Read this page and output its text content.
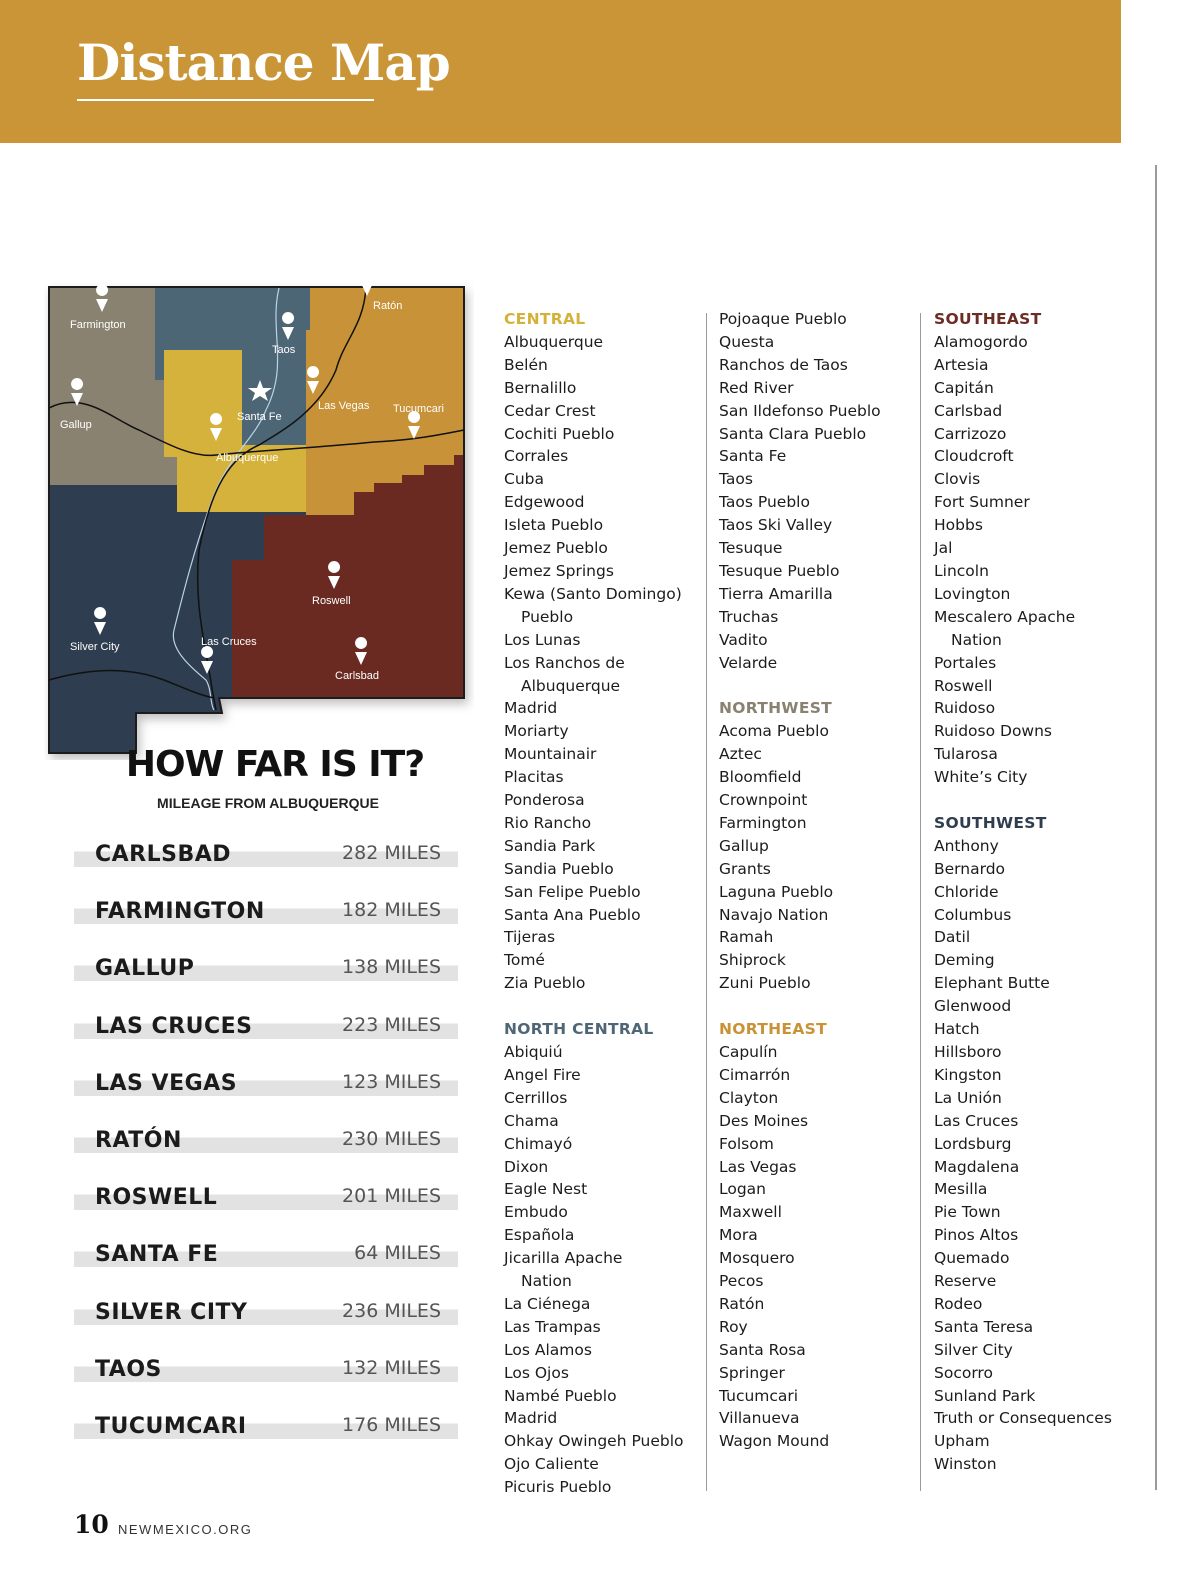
Distance Map
Farmington
Taos
Ratón
Gallup
Santa Fe
Las Vegas Tucumcari
Albuquerque
Roswell
Silver City	Las Cruces
Carlsbad
HOW FAR IS IT?
MILEAGE FROM ALBUQUERQUE
CARLSBAD	282 MILES
FARMINGTON	182 MILES
GALLUP	138 MILES
LAS CRUCES	223 MILES
LAS VEGAS	123 MILES
RATÓN	230 MILES
ROSWELL	201 MILES
SANTA FE	64 MILES
SILVER CITY	236 MILES
TAOS	132 MILES
TUCUMCARI	176 MILES
CENTRAL
Albuquerque
Belén
Bernalillo
Cedar Crest
Cochiti Pueblo
Corrales
Cuba
Edgewood
Isleta Pueblo
Jemez Pueblo
Jemez Springs
Kewa (Santo Domingo)
Pueblo
Los Lunas
Los Ranchos de
Albuquerque
Madrid
Moriarty
Mountainair
Placitas
Ponderosa
Rio Rancho
Sandia Park
Sandia Pueblo
San Felipe Pueblo
Santa Ana Pueblo
Tijeras
Tomé
Zia Pueblo
NORTH CENTRAL
Abiquiú
Angel Fire
Cerrillos
Chama
Chimayó
Dixon
Eagle Nest
Embudo
Española
Jicarilla Apache
Nation
La Ciénega
Las Trampas
Los Alamos
Los Ojos
Nambé Pueblo
Madrid
Ohkay Owingeh Pueblo
Ojo Caliente
Picuris Pueblo
Pojoaque Pueblo
Questa
Ranchos de Taos
Red River
San Ildefonso Pueblo
Santa Clara Pueblo
Santa Fe
Taos
Taos Pueblo
Taos Ski Valley
Tesuque
Tesuque Pueblo
Tierra Amarilla
Truchas
Vadito
Velarde
NORTHWEST
Acoma Pueblo
Aztec
Bloomfield
Crownpoint
Farmington
Gallup
Grants
Laguna Pueblo
Navajo Nation
Ramah
Shiprock
Zuni Pueblo
NORTHEAST
Capulín
Cimarrón
Clayton
Des Moines
Folsom
Las Vegas
Logan
Maxwell
Mora
Mosquero
Pecos
Ratón
Roy
Santa Rosa
Springer
Tucumcari
Villanueva
Wagon Mound
SOUTHEAST
Alamogordo
Artesia
Capitán
Carlsbad
Carrizozo
Cloudcroft
Clovis
Fort Sumner
Hobbs
Jal
Lincoln
Lovington
Mescalero Apache
Nation
Portales
Roswell
Ruidoso
Ruidoso Downs
Tularosa
White’s City
SOUTHWEST
Anthony
Bernardo
Chloride
Columbus
Datil
Deming
Elephant Butte
Glenwood
Hatch
Hillsboro
Kingston
La Unión
Las Cruces
Lordsburg
Magdalena
Mesilla
Pie Town
Pinos Altos
Quemado
Reserve
Rodeo
Santa Teresa
Silver City
Socorro
Sunland Park
Truth or Consequences
Upham
Winston
10 NEWMEXICO.ORG
